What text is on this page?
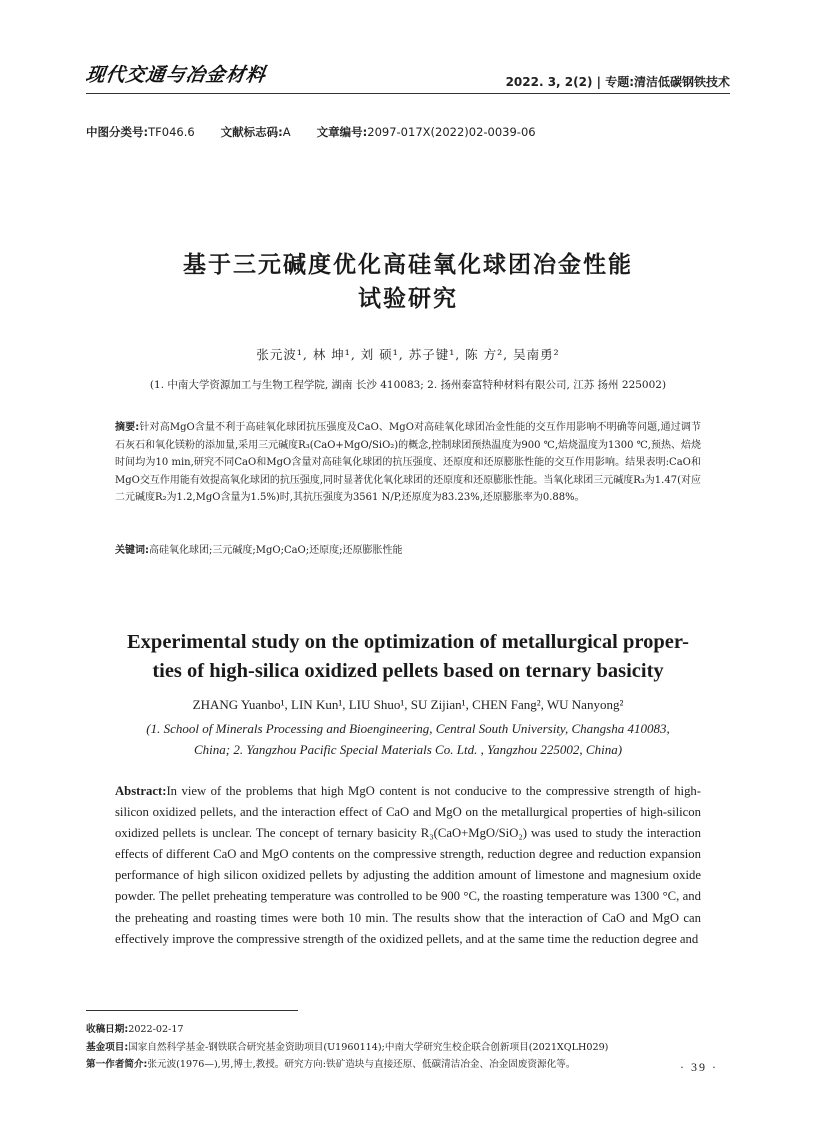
现代交通与冶金材料	2022. 3, 2(2) | 专题:清洁低碳钢铁技术
中图分类号:TF046.6 文献标志码:A 文章编号:2097-017X(2022)02-0039-06
基于三元碱度优化高硅氧化球团冶金性能
试验研究
张元波¹, 林 坤¹, 刘 硕¹, 苏子键¹, 陈 方², 吴南勇²
(1. 中南大学资源加工与生物工程学院, 湖南 长沙 410083; 2. 扬州泰富特种材料有限公司, 江苏 扬州 225002)
摘要:针对高MgO含量不利于高硅氧化球团抗压强度及CaO、MgO对高硅氧化球团冶金性能的交互作用影响不明确等问题,通过调节石灰石和氧化镁粉的添加量,采用三元碱度R₃(CaO+MgO/SiO₂)的概念,控制球团预热温度为900 ℃,焙烧温度为1300 ℃,预热、焙烧时间均为10 min,研究不同CaO和MgO含量对高硅氧化球团的抗压强度、还原度和还原膨胀性能的交互作用影响。结果表明:CaO和MgO交互作用能有效提高氧化球团的抗压强度,同时显著优化氧化球团的还原度和还原膨胀性能。当氧化球团三元碱度R₃为1.47(对应二元碱度R₂为1.2,MgO含量为1.5%)时,其抗压强度为3561 N/P,还原度为83.23%,还原膨胀率为0.88%。
关键词:高硅氧化球团;三元碱度;MgO;CaO;还原度;还原膨胀性能
Experimental study on the optimization of metallurgical proper-
ties of high-silica oxidized pellets based on ternary basicity
ZHANG Yuanbo¹, LIN Kun¹, LIU Shuo¹, SU Zijian¹, CHEN Fang², WU Nanyong²
(1. School of Minerals Processing and Bioengineering, Central South University, Changsha 410083,
China; 2. Yangzhou Pacific Special Materials Co. Ltd. , Yangzhou 225002, China)
Abstract:In view of the problems that high MgO content is not conducive to the compressive strength of high-silicon oxidized pellets, and the interaction effect of CaO and MgO on the metallurgical properties of high-silicon oxidized pellets is unclear. The concept of ternary basicity R₃(CaO+MgO/SiO₂) was used to study the interaction effects of different CaO and MgO contents on the compressive strength, reduction degree and reduction expansion performance of high silicon oxidized pellets by adjusting the addition amount of limestone and magnesium oxide powder. The pellet preheating temperature was controlled to be 900 °C, the roasting temperature was 1300 °C, and the preheating and roasting times were both 10 min. The results show that the interaction of CaO and MgO can effectively improve the compressive strength of the oxidized pellets, and at the same time the reduction degree and
收稿日期:2022-02-17
基金项目:国家自然科学基金-钢铁联合研究基金资助项目(U1960114);中南大学研究生校企联合创新项目(2021XQLH029)
第一作者简介:张元波(1976—),男,博士,教授。研究方向:铁矿造块与直接还原、低碳清洁冶金、冶金固废资源化等。	· 39 ·
